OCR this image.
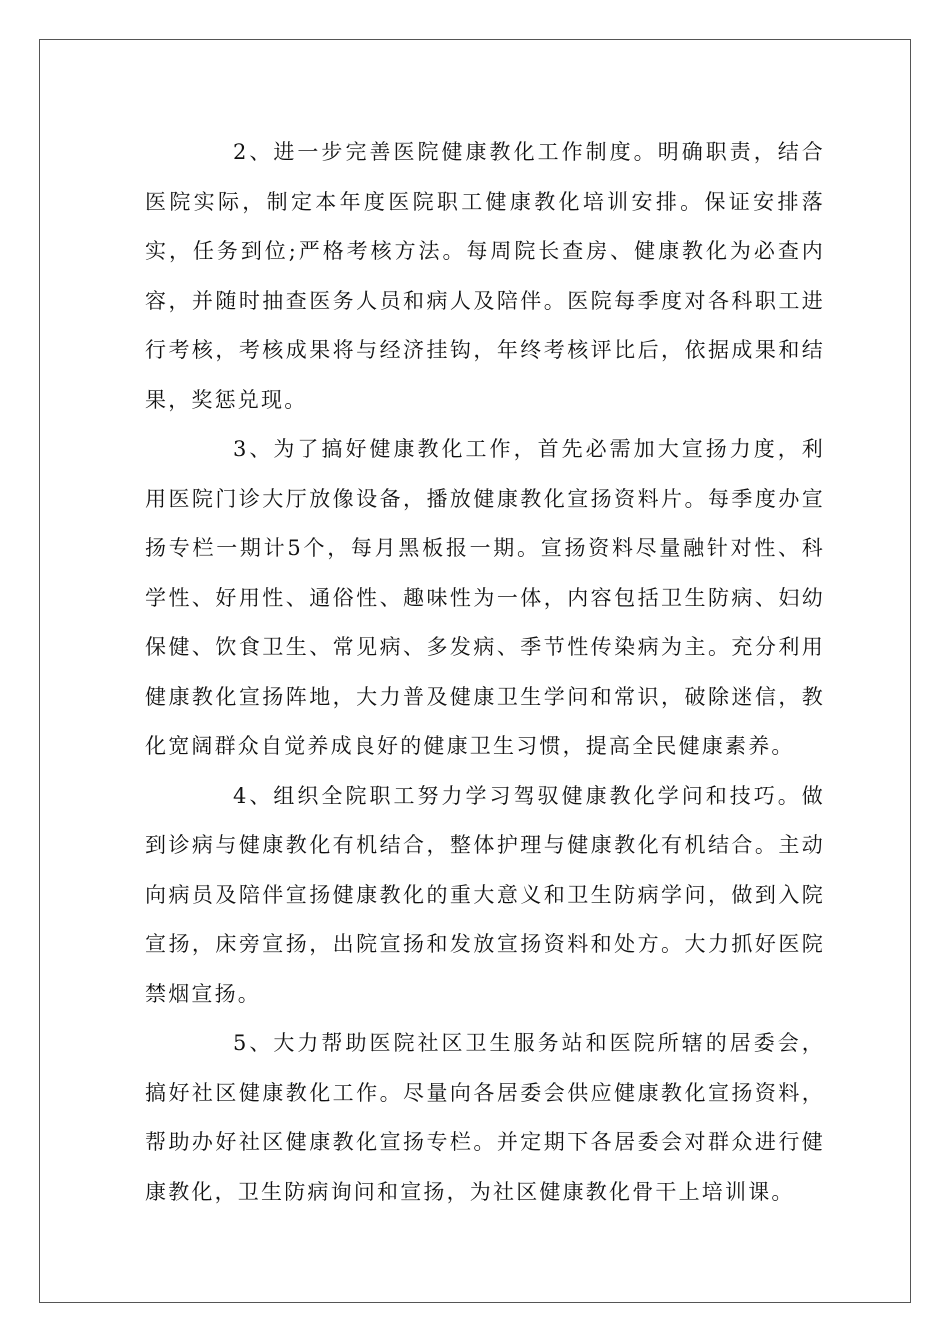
2、进一步完善医院健康教化工作制度。明确职责，结合医院实际，制定本年度医院职工健康教化培训安排。保证安排落实，任务到位;严格考核方法。每周院长查房、健康教化为必查内容，并随时抽查医务人员和病人及陪伴。医院每季度对各科职工进行考核，考核成果将与经济挂钩，年终考核评比后，依据成果和结果，奖惩兑现。

3、为了搞好健康教化工作，首先必需加大宣扬力度，利用医院门诊大厅放像设备，播放健康教化宣扬资料片。每季度办宣扬专栏一期计5个，每月黑板报一期。宣扬资料尽量融针对性、科学性、好用性、通俗性、趣味性为一体，内容包括卫生防病、妇幼保健、饮食卫生、常见病、多发病、季节性传染病为主。充分利用健康教化宣扬阵地，大力普及健康卫生学问和常识，破除迷信，教化宽阔群众自觉养成良好的健康卫生习惯，提高全民健康素养。

4、组织全院职工努力学习驾驭健康教化学问和技巧。做到诊病与健康教化有机结合，整体护理与健康教化有机结合。主动向病员及陪伴宣扬健康教化的重大意义和卫生防病学问，做到入院宣扬，床旁宣扬，出院宣扬和发放宣扬资料和处方。大力抓好医院禁烟宣扬。

5、大力帮助医院社区卫生服务站和医院所辖的居委会，搞好社区健康教化工作。尽量向各居委会供应健康教化宣扬资料，帮助办好社区健康教化宣扬专栏。并定期下各居委会对群众进行健康教化，卫生防病询问和宣扬，为社区健康教化骨干上培训课。
